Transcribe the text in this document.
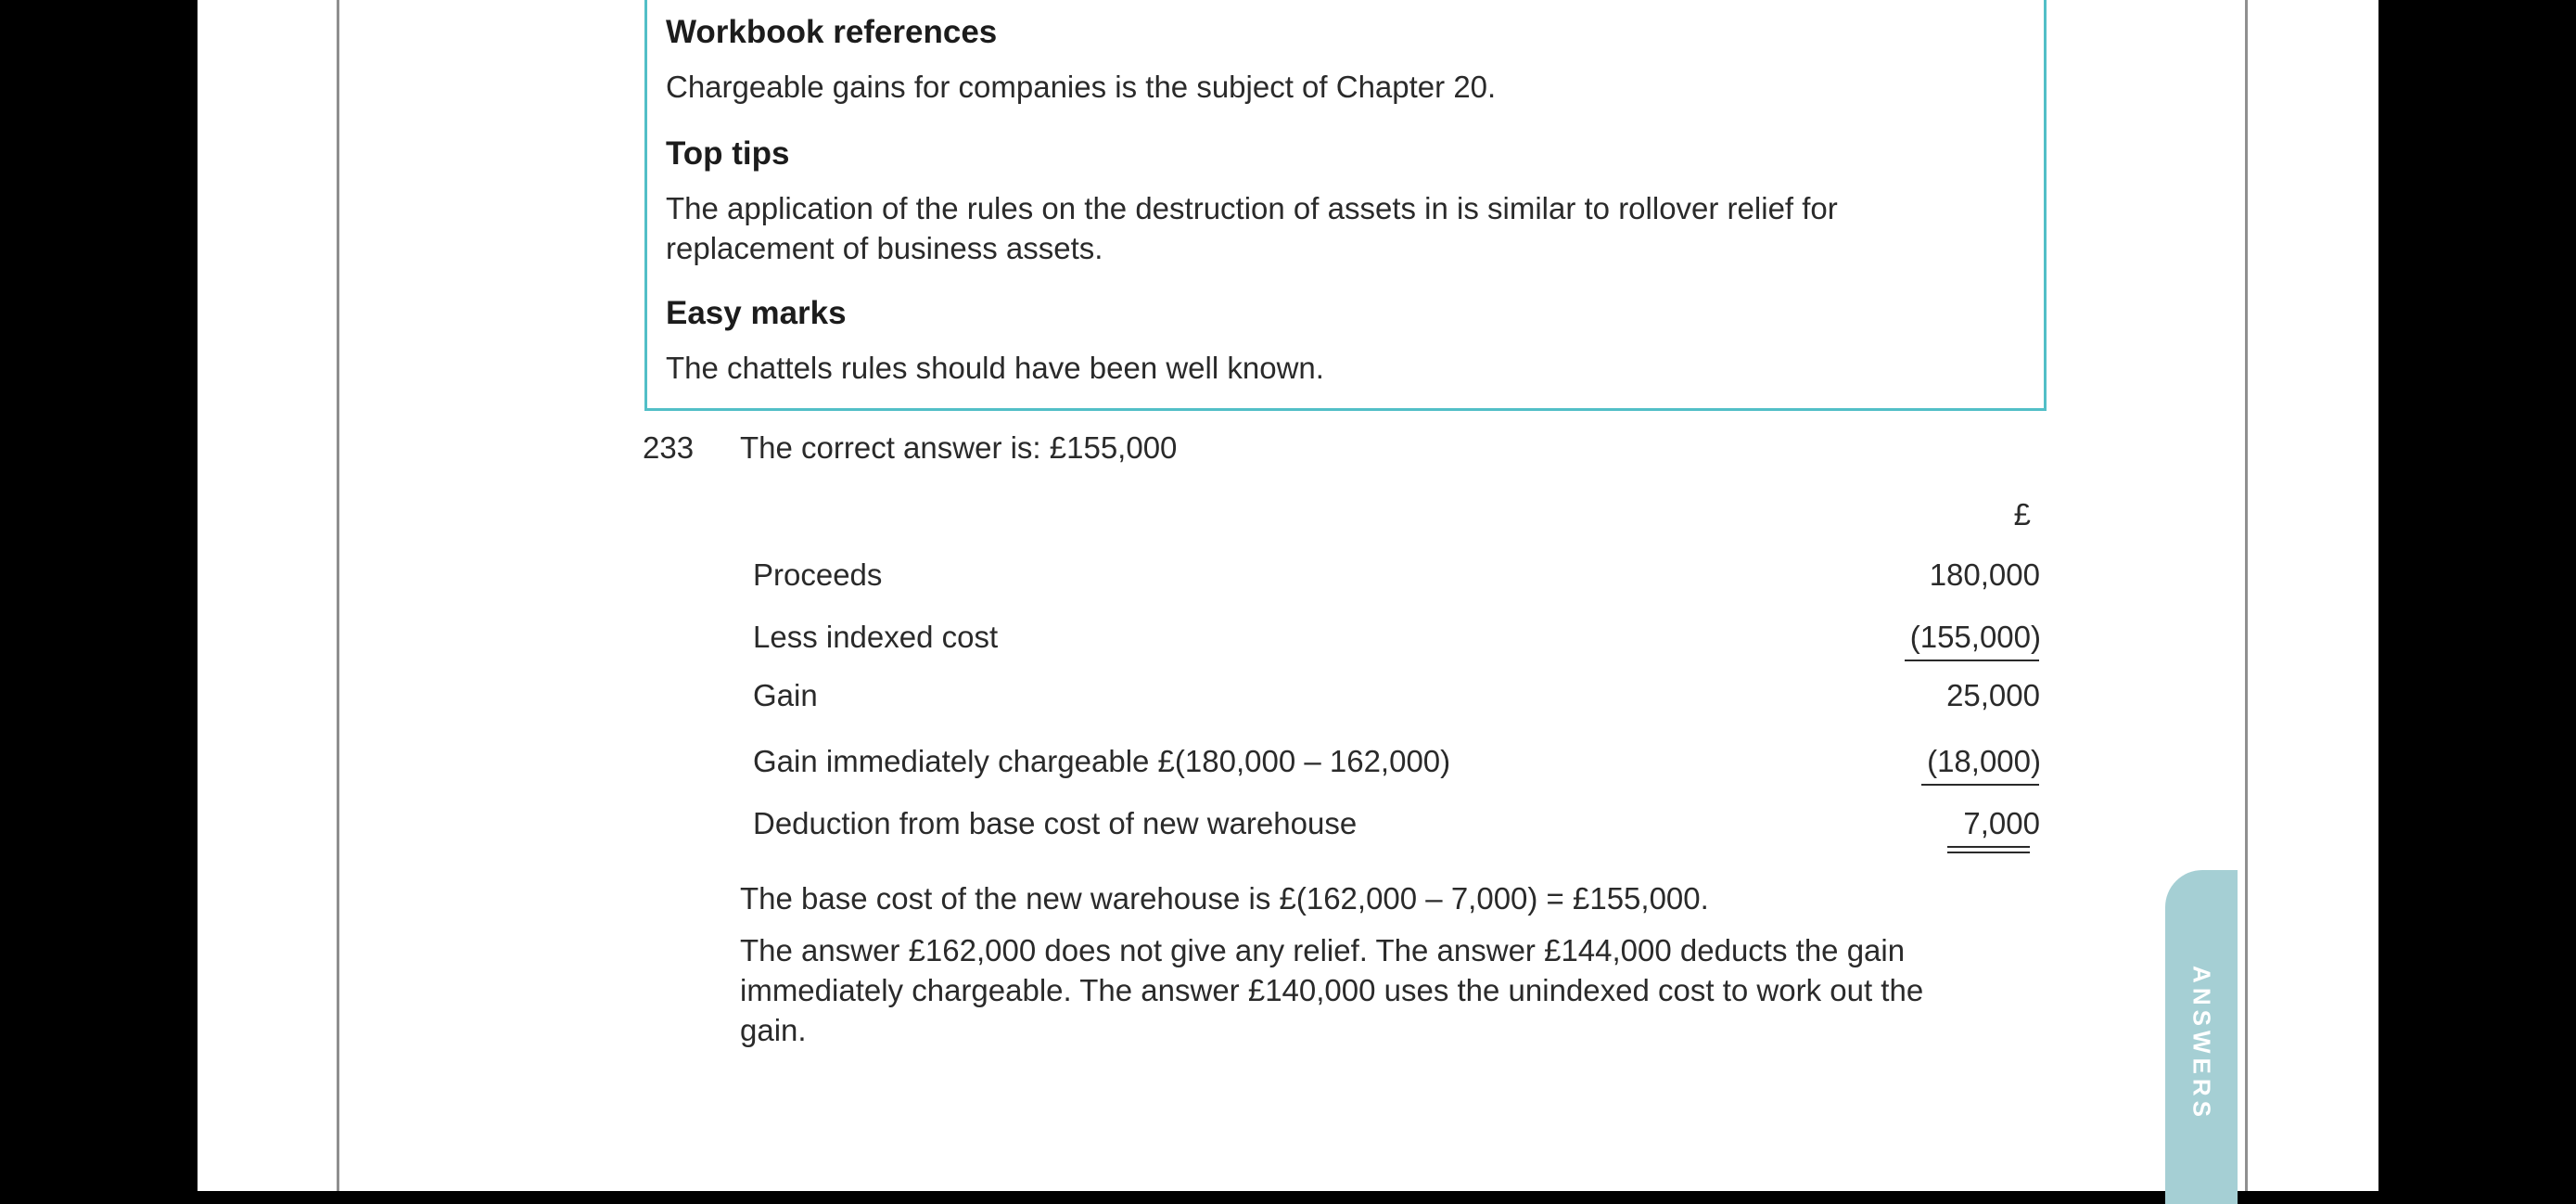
Workbook references
Chargeable gains for companies is the subject of Chapter 20.
Top tips
The application of the rules on the destruction of assets in is similar to rollover relief for
replacement of business assets.
Easy marks
The chattels rules should have been well known.
233 The correct answer is: £155,000
£
Proceeds	180,000
Less indexed cost	(155,000)
Gain	25,000
Gain immediately chargeable £(180,000 – 162,000)	(18,000)
Deduction from base cost of new warehouse	7,000
The base cost of the new warehouse is £(162,000 – 7,000) = £155,000.
The answer £162,000 does not give any relief. The answer £144,000 deducts the gain
immediately chargeable. The answer £140,000 uses the unindexed cost to work out the
gain.	ANSWERS
